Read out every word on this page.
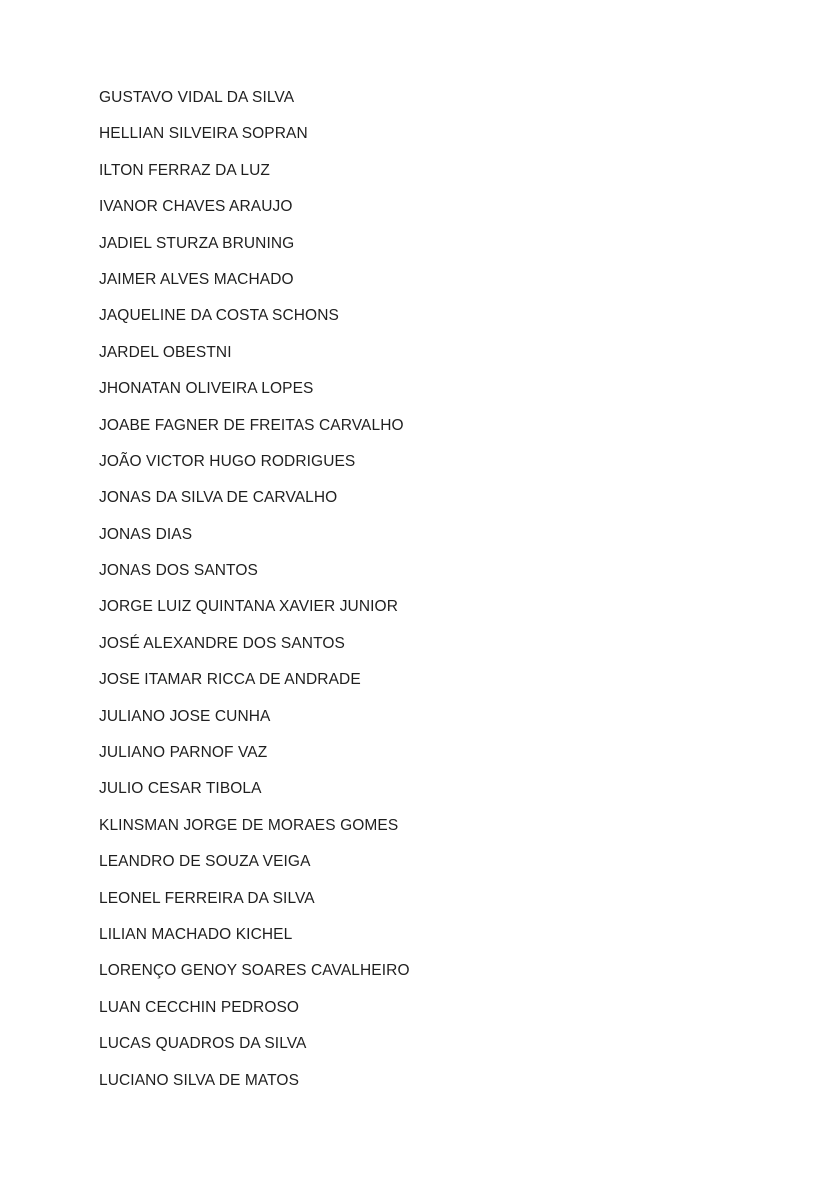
GUSTAVO VIDAL DA SILVA
HELLIAN SILVEIRA SOPRAN
ILTON FERRAZ DA LUZ
IVANOR CHAVES ARAUJO
JADIEL STURZA BRUNING
JAIMER ALVES MACHADO
JAQUELINE DA COSTA SCHONS
JARDEL OBESTNI
JHONATAN OLIVEIRA LOPES
JOABE FAGNER DE FREITAS CARVALHO
JOÃO VICTOR HUGO RODRIGUES
JONAS DA SILVA DE CARVALHO
JONAS DIAS
JONAS DOS SANTOS
JORGE LUIZ QUINTANA XAVIER JUNIOR
JOSÉ ALEXANDRE DOS SANTOS
JOSE ITAMAR RICCA DE ANDRADE
JULIANO JOSE CUNHA
JULIANO PARNOF VAZ
JULIO CESAR TIBOLA
KLINSMAN JORGE DE MORAES GOMES
LEANDRO DE SOUZA VEIGA
LEONEL FERREIRA DA SILVA
LILIAN MACHADO KICHEL
LORENÇO GENOY SOARES CAVALHEIRO
LUAN CECCHIN PEDROSO
LUCAS QUADROS DA SILVA
LUCIANO SILVA DE MATOS
